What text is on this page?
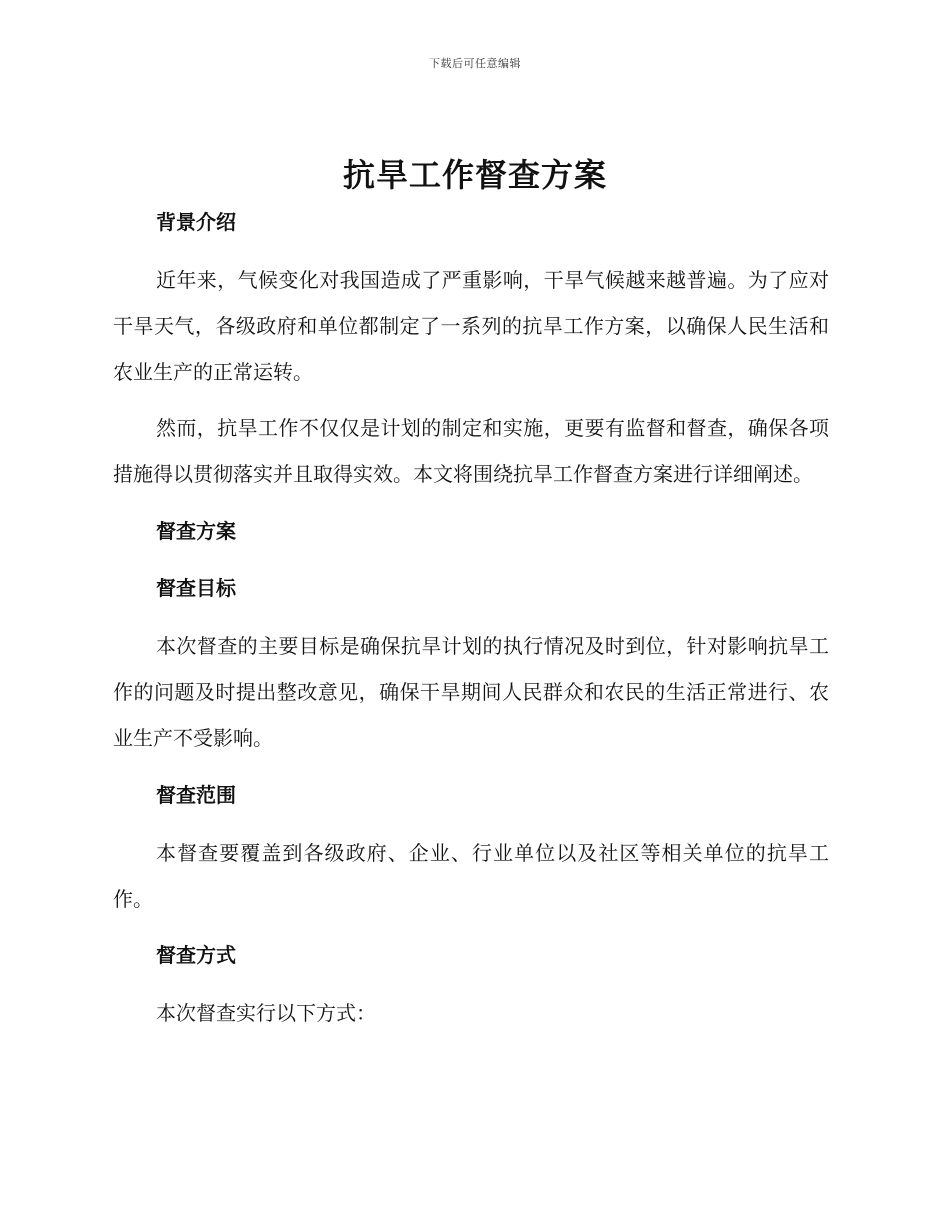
下载后可任意编辑
抗旱工作督查方案
背景介绍

近年来，气候变化对我国造成了严重影响，干旱气候越来越普遍。为了应对干旱天气，各级政府和单位都制定了一系列的抗旱工作方案，以确保人民生活和农业生产的正常运转。

然而，抗旱工作不仅仅是计划的制定和实施，更要有监督和督查，确保各项措施得以贯彻落实并且取得实效。本文将围绕抗旱工作督查方案进行详细阐述。

督查方案
督查目标

本次督查的主要目标是确保抗旱计划的执行情况及时到位，针对影响抗旱工作的问题及时提出整改意见，确保干旱期间人民群众和农民的生活正常进行、农业生产不受影响。

督查范围

本督查要覆盖到各级政府、企业、行业单位以及社区等相关单位的抗旱工作。

督查方式

本次督查实行以下方式：
